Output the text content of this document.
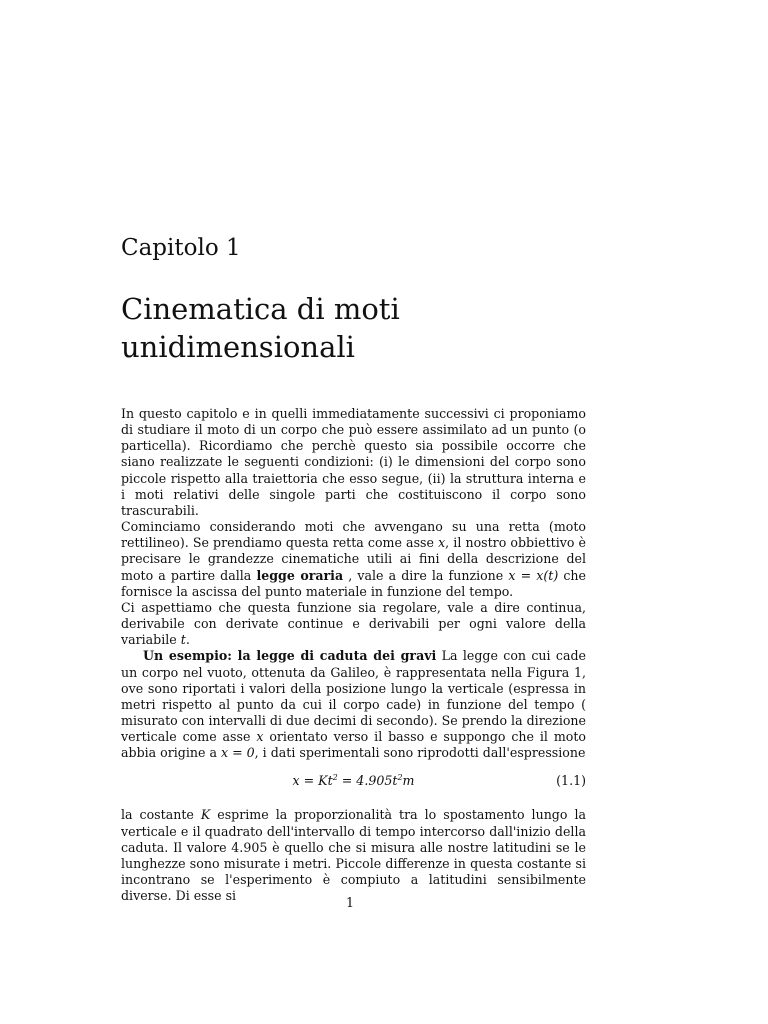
Capitolo 1
Cinematica di moti
unidimensionali

In questo capitolo e in quelli immediatamente successivi ci proponiamo di studiare il moto di un corpo che può essere assimilato ad un punto (o particella). Ricordiamo che perchè questo sia possibile occorre che siano realizzate le seguenti condizioni: (i) le dimensioni del corpo sono piccole rispetto alla traiettoria che esso segue, (ii) la struttura interna e i moti relativi delle singole parti che costituiscono il corpo sono trascurabili.

Cominciamo considerando moti che avvengano su una retta (moto rettilineo). Se prendiamo questa retta come asse x, il nostro obbiettivo è precisare le grandezze cinematiche utili ai fini della descrizione del moto a partire dalla legge oraria , vale a dire la funzione x = x(t) che fornisce la ascissa del punto materiale in funzione del tempo.

Ci aspettiamo che questa funzione sia regolare, vale a dire continua, derivabile con derivate continue e derivabili per ogni valore della variabile t.

Un esempio: la legge di caduta dei gravi La legge con cui cade un corpo nel vuoto, ottenuta da Galileo, è rappresentata nella Figura 1, ove sono riportati i valori della posizione lungo la verticale (espressa in metri rispetto al punto da cui il corpo cade) in funzione del tempo ( misurato con intervalli di due decimi di secondo). Se prendo la direzione verticale come asse x orientato verso il basso e suppongo che il moto abbia origine a x = 0, i dati sperimentali sono riprodotti dall'espressione

$x = Kt^2 = 4.905t^2m$	(1.1)

la costante K esprime la proporzionalità tra lo spostamento lungo la verticale e il quadrato dell'intervallo di tempo intercorso dall'inizio della caduta. Il valore 4.905 è quello che si misura alle nostre latitudini se le lunghezze sono misurate i metri. Piccole differenze in questa costante si incontrano se l'esperimento è compiuto a latitudini sensibilmente diverse. Di esse si	1
